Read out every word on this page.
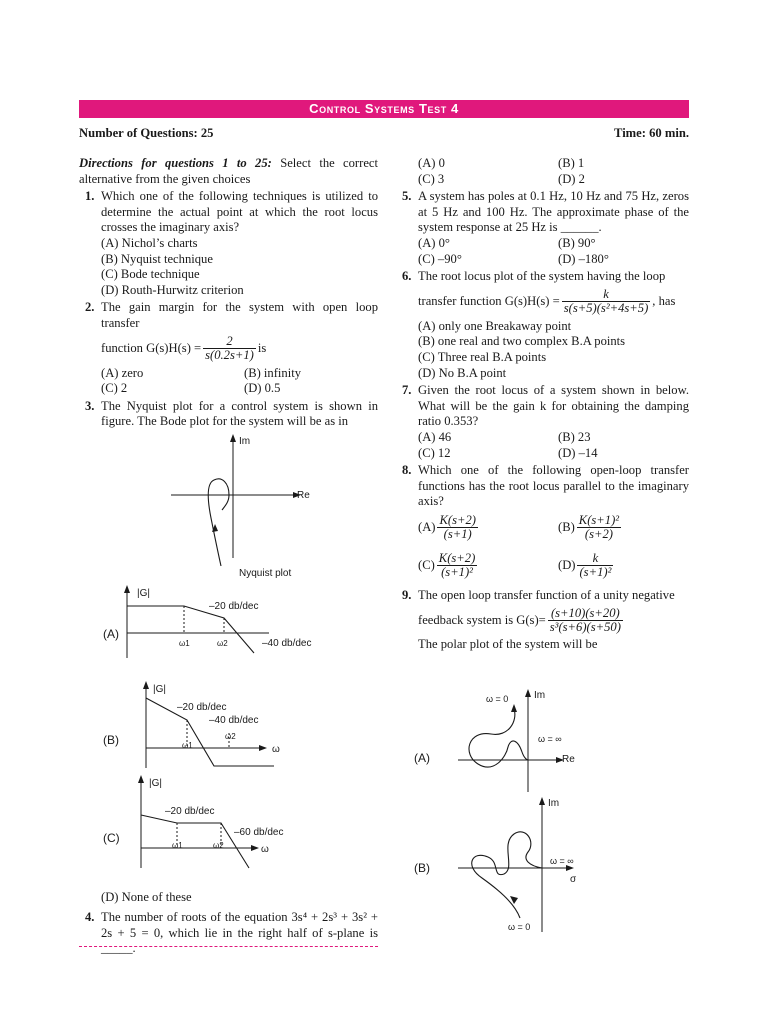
Control Systems Test 4
Number of Questions: 25	Time: 60 min.

Directions for questions 1 to 25: Select the correct alternative from the given choices

1. Which one of the following techniques is utilized to determine the actual point at which the root locus crosses the imaginary axis?

(A) Nichol’s charts
(B) Nyquist technique
(C) Bode technique
(D) Routh-Hurwitz criterion
2. The gain margin for the system with open loop transfer

function $G(s)H(s) = \frac{2}{s(0.2s+1)}$ is
(A) zero	(B) infinity
(C) 2	(D) 0.5
3. The Nyquist plot for a control system is shown in figure. The Bode plot for the system will be as in

Im
Re
Nyquist plot
(A)
|G|
–20 db/dec
–40 db/dec
ω1	ω2
(B)
|G|
–20 db/dec
–40 db/dec
ω1
ω2
ω
(C)
|G|
–20 db/dec
–60 db/dec
ω1	ω2	ω
(D) None of these
4. The number of roots of the equation 3s⁴ + 2s³ + 3s² + 2s + 5 = 0, which lie in the right half of s-plane is _____.

(A) 0	(B) 1
(C) 3	(D) 2
5. A system has poles at 0.1 Hz, 10 Hz and 75 Hz, zeros at 5 Hz and 100 Hz. The approximate phase of the system response at 25 Hz is ______.

(A) 0°	(B) 90°
(C) –90°	(D) –180°
6. The root locus plot of the system having the loop

transfer function $G(s)H(s) = \frac{k}{\text{s(s+5)(s²+4s+5)}}$ , has
(A) only one Breakaway point
(B) one real and two complex B.A points
(C) Three real B.A points
(D) No B.A point
7. Given the root locus of a system shown in below. What will be the gain k for obtaining the damping ratio 0.353?

(A) 46	(B) 23
(C) 12	(D) –14
8. Which one of the following open-loop transfer functions has the root locus parallel to the imaginary axis?

$(A) \frac{K(s+2)}{(s+1)}$	$(B) \frac{\text{K(s+1)²}}{(s+2)}$
$(C) \frac{K(s+2)}{\text{(s+1)²}}$	$(D) \frac{k}{\text{(s+1)²}}$
9. The open loop transfer function of a unity negative

feedback system is $G(s)= \frac{(s+10)(s+20)}{\text{s³(s+6)(s+50)}}$

The polar plot of the system will be

(A)
Im
Re
ω = 0
ω = ∞
(B)
Im
σ
ω = ∞
ω = 0
